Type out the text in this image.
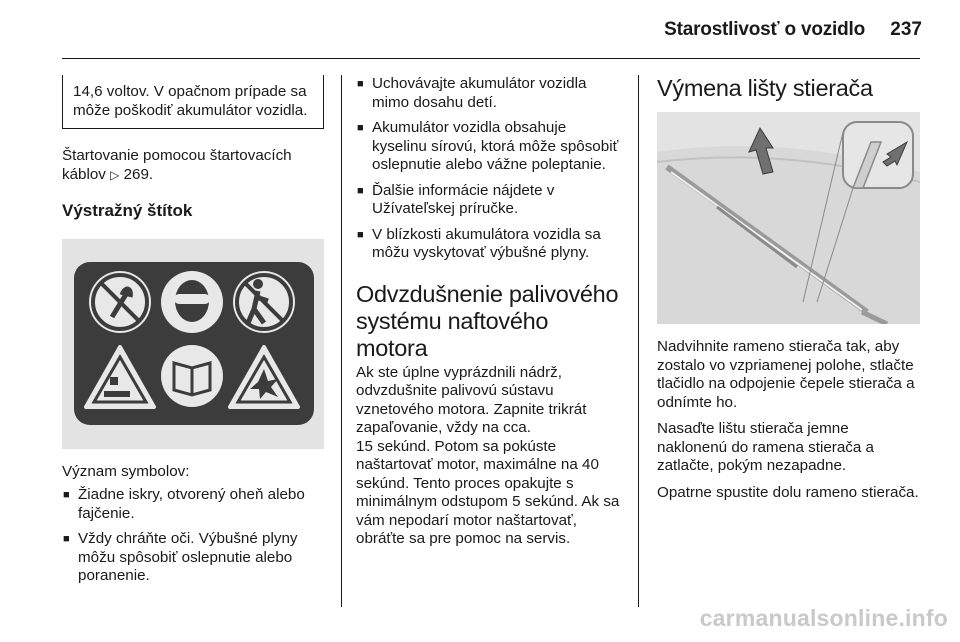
Starostlivosť o vozidlo 237
14,6 voltov. V opačnom prípade sa môže poškodiť akumulátor vozidla.

Štartovanie pomocou štartovacích káblov ▷ 269.

Výstražný štítok

Význam symbolov:

■ Žiadne iskry, otvorený oheň alebo fajčenie.
■ Vždy chráňte oči. Výbušné plyny môžu spôsobiť oslepnutie alebo poranenie.
■ Uchovávajte akumulátor vozidla mimo dosahu detí.
■ Akumulátor vozidla obsahuje kyselinu sírovú, ktorá môže spôsobiť oslepnutie alebo vážne poleptanie.
■ Ďalšie informácie nájdete v Užívateľskej príručke.
■ V blízkosti akumulátora vozidla sa môžu vyskytovať výbušné plyny.
Odvzdušnenie palivového systému naftového motora

Ak ste úplne vyprázdnili nádrž, odvzdušnite palivovú sústavu vznetového motora. Zapnite trikrát zapaľovanie, vždy na cca.

15 sekúnd. Potom sa pokúste naštartovať motor, maximálne na 40 sekúnd. Tento proces opakujte s minimálnym odstupom 5 sekúnd. Ak sa vám nepodarí motor naštartovať, obráťte sa pre pomoc na servis.

Výmena lišty stierača

Nadvihnite rameno stierača tak, aby zostalo vo vzpriamenej polohe, stlačte tlačidlo na odpojenie čepele stierača a odnímte ho.

Nasaďte lištu stierača jemne naklonenú do ramena stierača a zatlačte, pokým nezapadne.

Opatrne spustite dolu rameno stierača.

carmanualsonline.info
